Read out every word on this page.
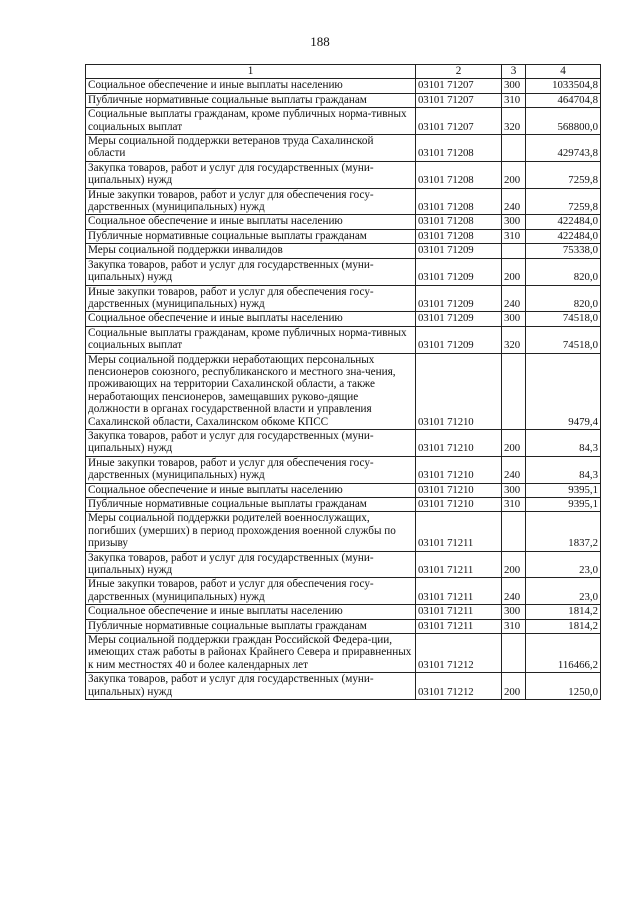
188
1	2	3	4
Социальное обеспечение и иные выплаты населению	03101 71207	300	1033504,8
Публичные нормативные социальные выплаты гражданам	03101 71207	310	464704,8
Социальные выплаты гражданам, кроме публичных норма-тивных социальных выплат	03101 71207	320	568800,0
Меры социальной поддержки ветеранов труда Сахалинской области	03101 71208		429743,8
Закупка товаров, работ и услуг для государственных (муни-ципальных) нужд	03101 71208	200	7259,8
Иные закупки товаров, работ и услуг для обеспечения госу-дарственных (муниципальных) нужд	03101 71208	240	7259,8
Социальное обеспечение и иные выплаты населению	03101 71208	300	422484,0
Публичные нормативные социальные выплаты гражданам	03101 71208	310	422484,0
Меры социальной поддержки инвалидов	03101 71209		75338,0
Закупка товаров, работ и услуг для государственных (муни-ципальных) нужд	03101 71209	200	820,0
Иные закупки товаров, работ и услуг для обеспечения госу-дарственных (муниципальных) нужд	03101 71209	240	820,0
Социальное обеспечение и иные выплаты населению	03101 71209	300	74518,0
Социальные выплаты гражданам, кроме публичных норма-тивных социальных выплат	03101 71209	320	74518,0
Меры социальной поддержки неработающих персональных пенсионеров союзного, республиканского и местного зна-чения, проживающих на территории Сахалинской области, а также неработающих пенсионеров, замещавших руково-дящие должности в органах государственной власти и управления Сахалинской области, Сахалинском обкоме КПСС	03101 71210		9479,4
Закупка товаров, работ и услуг для государственных (муни-ципальных) нужд	03101 71210	200	84,3
Иные закупки товаров, работ и услуг для обеспечения госу-дарственных (муниципальных) нужд	03101 71210	240	84,3
Социальное обеспечение и иные выплаты населению	03101 71210	300	9395,1
Публичные нормативные социальные выплаты гражданам	03101 71210	310	9395,1
Меры социальной поддержки родителей военнослужащих, погибших (умерших) в период прохождения военной службы по призыву	03101 71211		1837,2
Закупка товаров, работ и услуг для государственных (муни-ципальных) нужд	03101 71211	200	23,0
Иные закупки товаров, работ и услуг для обеспечения госу-дарственных (муниципальных) нужд	03101 71211	240	23,0
Социальное обеспечение и иные выплаты населению	03101 71211	300	1814,2
Публичные нормативные социальные выплаты гражданам	03101 71211	310	1814,2
Меры социальной поддержки граждан Российской Федера-ции, имеющих стаж работы в районах Крайнего Севера и приравненных к ним местностях 40 и более календарных лет	03101 71212		116466,2
Закупка товаров, работ и услуг для государственных (муни-ципальных) нужд	03101 71212	200	1250,0
